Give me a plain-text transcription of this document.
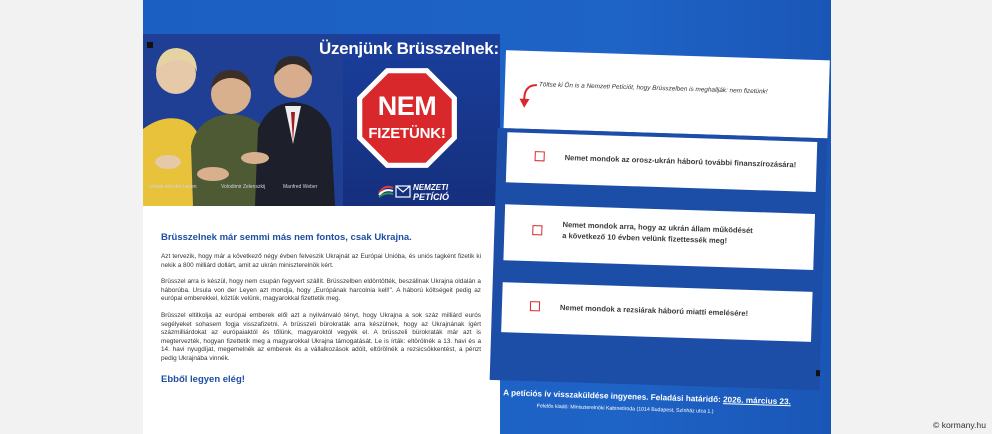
Ursula von der Leyen	Volodimir Zelenszkij	Manfred Weber
Üzenjünk Brüsszelnek:
NEM
FIZETÜNK!
NEMZETI
PETÍCIÓ
Brüsszelnek már semmi más nem fontos, csak Ukrajna.

Azt tervezik, hogy már a következő négy évben felveszik Ukrajnát az Európai Unióba, és uniós tagként fizetik ki nekik a 800 milliárd dollárt, amit az ukrán miniszterelnök kért.

Brüsszel arra is készül, hogy nem csupán fegyvert szállít. Brüsszelben eldöntötték, beszállnak Ukrajna oldalán a háborúba. Ursula von der Leyen azt mondja, hogy „Európának harcolnia kell!". A háború költségeit pedig az európai emberekkel, köztük velünk, magyarokkal fizettetik meg.

Brüsszel eltitkolja az európai emberek elől azt a nyilvánvaló tényt, hogy Ukrajna a sok száz milliárd eurós segélyeket sohasem fogja visszafizetni. A brüsszeli bürokraták arra készülnek, hogy az Ukrajnának ígért százmilliárdokat az európaiaktól és tőlünk, magyaroktól vegyék el. A brüsszeli bürokraták már azt is megtervezték, hogyan fizettetik meg a magyarokkal Ukrajna támogatását. Le is írták: eltörölnék a 13. havi és a 14. havi nyugdíjat, megemelnék az emberek és a vállalkozások adóit, eltörölnék a rezsicsökkentést, a pénzt pedig Ukrajnába vinnék.

Ebből legyen elég!
Töltse ki Ön is a Nemzeti Petíciót, hogy Brüsszelben is meghallják: nem fizetünk!
Nemet mondok az orosz-ukrán háború további finanszírozására!
Nemet mondok arra, hogy az ukrán állam működését
a következő 10 évben velünk fizettessék meg!
Nemet mondok a rezsiárak háború miatti emelésére!
A petíciós ív visszaküldése ingyenes. Feladási határidő: 2026. március 23.
Felelős kiadó: Miniszterelnöki Kabinetiroda (1014 Budapest, Színház utca 1.)
© kormany.hu
